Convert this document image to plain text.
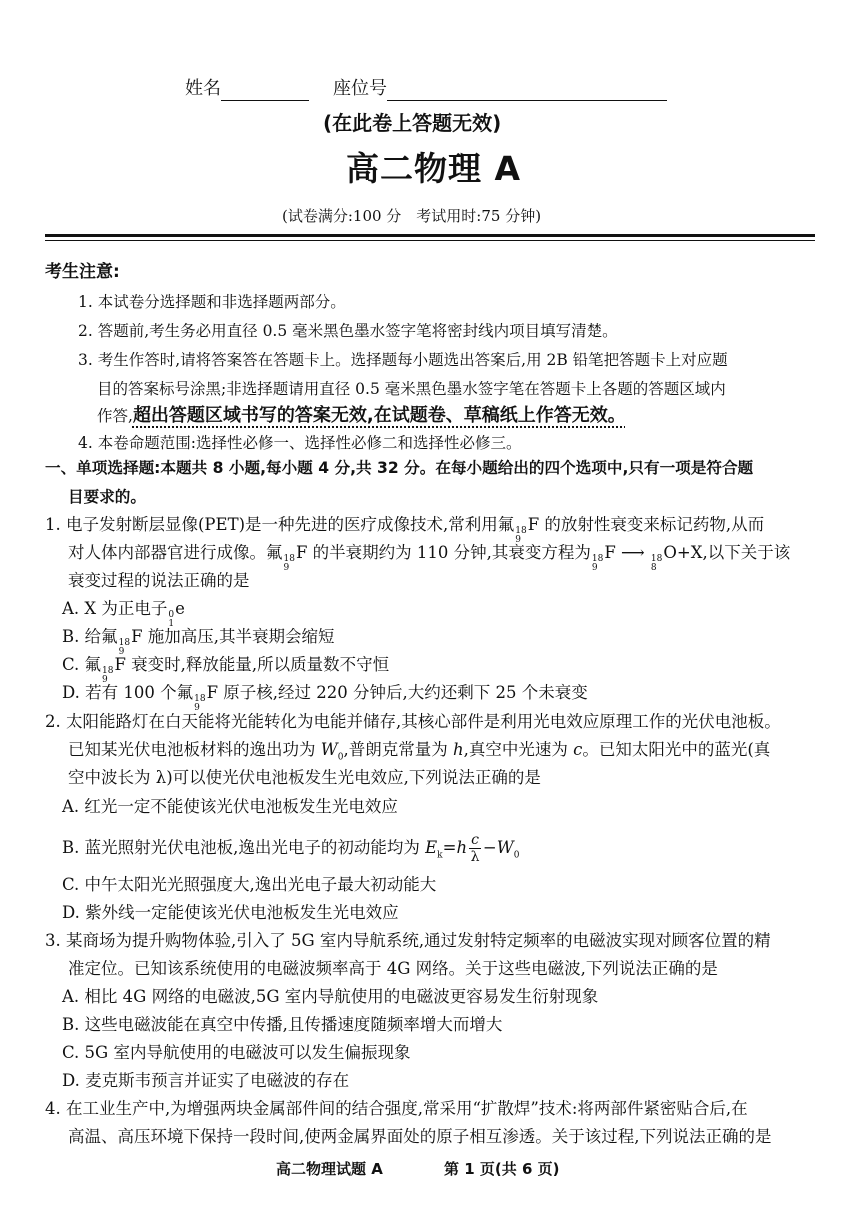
姓名	座位号
(在此卷上答题无效)
高二物理 A
(试卷满分:100 分　考试用时:75 分钟)
考生注意:
1. 本试卷分选择题和非选择题两部分。
2. 答题前,考生务必用直径 0.5 毫米黑色墨水签字笔将密封线内项目填写清楚。
3. 考生作答时,请将答案答在答题卡上。选择题每小题选出答案后,用 2B 铅笔把答题卡上对应题
目的答案标号涂黑;非选择题请用直径 0.5 毫米黑色墨水签字笔在答题卡上各题的答题区域内
作答,超出答题区域书写的答案无效,在试题卷、草稿纸上作答无效。
4. 本卷命题范围:选择性必修一、选择性必修二和选择性必修三。
一、单项选择题:本题共 8 小题,每小题 4 分,共 32 分。在每小题给出的四个选项中,只有一项是符合题
目要求的。
1. 电子发射断层显像(PET)是一种先进的医疗成像技术,常利用氟 18
9
F 的放射性衰变来标记药物,从而
对人体内部器官进行成像。氟 18
9
F 的半衰期约为 110 分钟,其衰变方程为 18
9
F ⟶ 18
8
O+X,以下关于该
衰变过程的说法正确的是
A. X 为正电子 0
1
e
B. 给氟 18
9
F 施加高压,其半衰期会缩短
C. 氟 18
9
F 衰变时,释放能量,所以质量数不守恒
D. 若有 100 个氟 18
9
F 原子核,经过 220 分钟后,大约还剩下 25 个未衰变
2. 太阳能路灯在白天能将光能转化为电能并储存,其核心部件是利用光电效应原理工作的光伏电池板。
已知某光伏电池板材料的逸出功为 $W_0$,普朗克常量为 h,真空中光速为 c。已知太阳光中的蓝光(真
空中波长为 λ)可以使光伏电池板发生光电效应,下列说法正确的是
A. 红光一定不能使该光伏电池板发生光电效应
B. 蓝光照射光伏电池板,逸出光电子的初动能均为 $E_k=h \frac{c}{\lambda} -W_0$
C. 中午太阳光光照强度大,逸出光电子最大初动能大
D. 紫外线一定能使该光伏电池板发生光电效应
3. 某商场为提升购物体验,引入了 5G 室内导航系统,通过发射特定频率的电磁波实现对顾客位置的精
准定位。已知该系统使用的电磁波频率高于 4G 网络。关于这些电磁波,下列说法正确的是
A. 相比 4G 网络的电磁波,5G 室内导航使用的电磁波更容易发生衍射现象
B. 这些电磁波能在真空中传播,且传播速度随频率增大而增大
C. 5G 室内导航使用的电磁波可以发生偏振现象
D. 麦克斯韦预言并证实了电磁波的存在
4. 在工业生产中,为增强两块金属部件间的结合强度,常采用“扩散焊”技术:将两部件紧密贴合后,在
高温、高压环境下保持一段时间,使两金属界面处的原子相互渗透。关于该过程,下列说法正确的是
高二物理试题 A	第 1 页(共 6 页)
